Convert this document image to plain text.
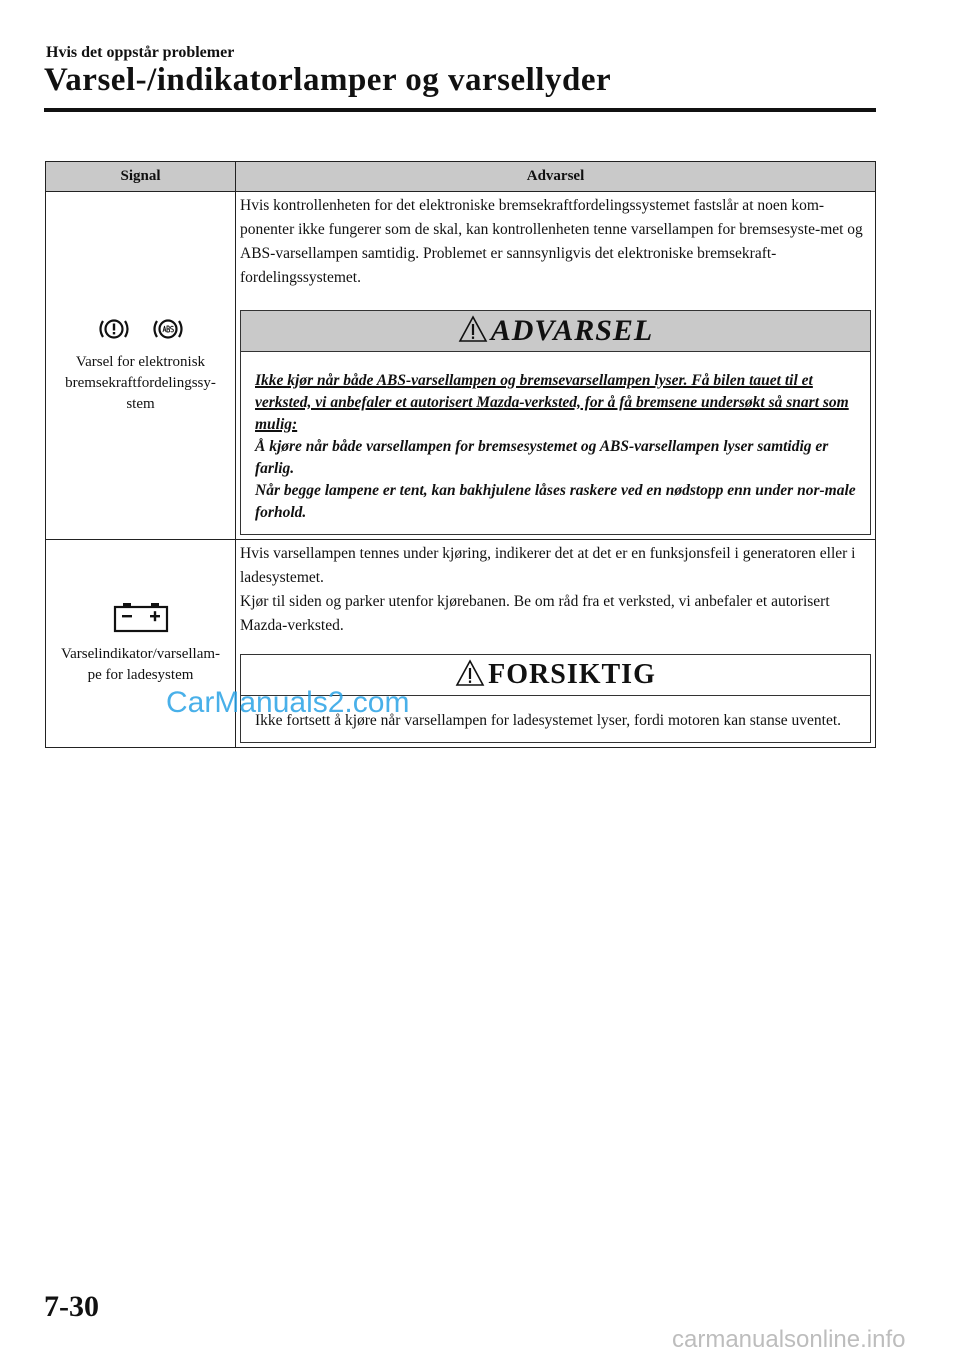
Hvis det oppstår problemer
Varsel-/indikatorlamper og varsellyder
Signal	Advarsel

Varsel for elektronisk bremsekraftfordelingssy-stem	Hvis kontrollenheten for det elektroniske bremsekraftfordelingssystemet fastslår at noen kom-ponenter ikke fungerer som de skal, kan kontrollenheten tenne varsellampen for bremsesyste-met og ABS-varsellampen samtidig. Problemet er sannsynligvis det elektroniske bremsekraft-fordelingssystemet.
ADVARSEL

Ikke kjør når både ABS-varsellampen og bremsevarsellampen lyser. Få bilen tauet til et verksted, vi anbefaler et autorisert Mazda-verksted, for å få bremsene undersøkt så snart som mulig:

Å kjøre når både varsellampen for bremsesystemet og ABS-varsellampen lyser samtidig er farlig.

Når begge lampene er tent, kan bakhjulene låses raskere ved en nødstopp enn under nor-male forhold.

Varselindikator/varsellam-pe for ladesystem	Hvis varsellampen tennes under kjøring, indikerer det at det er en funksjonsfeil i generatoren eller i ladesystemet.
Kjør til siden og parker utenfor kjørebanen. Be om råd fra et verksted, vi anbefaler et autorisert Mazda-verksted.
FORSIKTIG

Ikke fortsett å kjøre når varsellampen for ladesystemet lyser, fordi motoren kan stanse uventet.

CarManuals2.com
7-30
carmanualsonline.info
